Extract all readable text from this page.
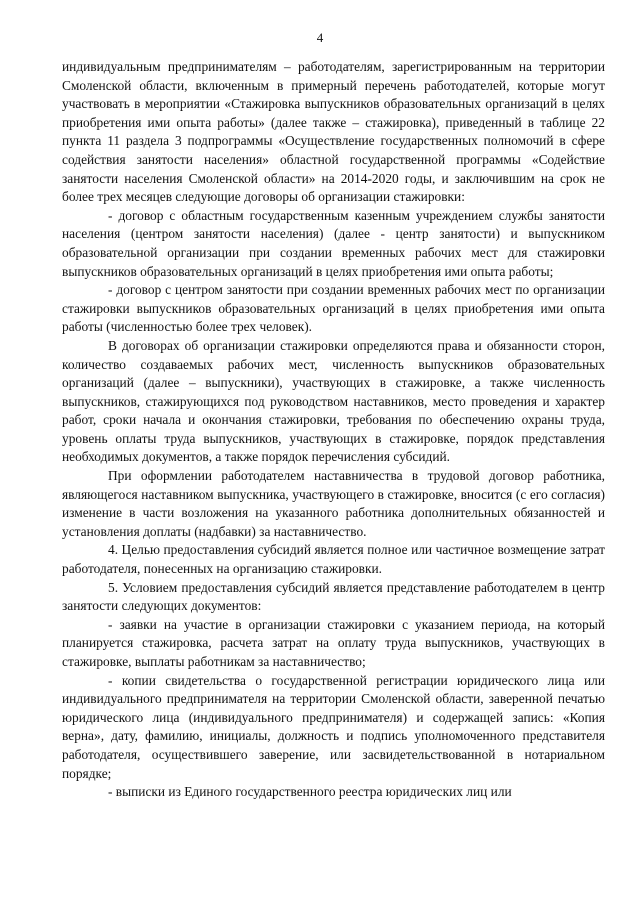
4

индивидуальным предпринимателям – работодателям, зарегистрированным на территории Смоленской области, включенным в примерный перечень работодателей, которые могут участвовать в мероприятии «Стажировка выпускников образовательных организаций в целях приобретения ими опыта работы» (далее также – стажировка), приведенный в таблице 22 пункта 11 раздела 3 подпрограммы «Осуществление государственных полномочий в сфере содействия занятости населения» областной государственной программы «Содействие занятости населения Смоленской области» на 2014-2020 годы, и заключившим на срок не более трех месяцев следующие договоры об организации стажировки:

- договор с областным государственным казенным учреждением службы занятости населения (центром занятости населения) (далее - центр занятости) и выпускником образовательной организации при создании временных рабочих мест для стажировки выпускников образовательных организаций в целях приобретения ими опыта работы;

- договор с центром занятости при создании временных рабочих мест по организации стажировки выпускников образовательных организаций в целях приобретения ими опыта работы (численностью более трех человек).

В договорах об организации стажировки определяются права и обязанности сторон, количество создаваемых рабочих мест, численность выпускников образовательных организаций (далее – выпускники), участвующих в стажировке, а также численность выпускников, стажирующихся под руководством наставников, место проведения и характер работ, сроки начала и окончания стажировки, требования по обеспечению охраны труда, уровень оплаты труда выпускников, участвующих в стажировке, порядок представления необходимых документов, а также порядок перечисления субсидий.

При оформлении работодателем наставничества в трудовой договор работника, являющегося наставником выпускника, участвующего в стажировке, вносится (с его согласия) изменение в части возложения на указанного работника дополнительных обязанностей и установления доплаты (надбавки) за наставничество.

4. Целью предоставления субсидий является полное или частичное возмещение затрат работодателя, понесенных на организацию стажировки.

5. Условием предоставления субсидий является представление работодателем в центр занятости следующих документов:

- заявки на участие в организации стажировки с указанием периода, на который планируется стажировка, расчета затрат на оплату труда выпускников, участвующих в стажировке, выплаты работникам за наставничество;

- копии свидетельства о государственной регистрации юридического лица или индивидуального предпринимателя на территории Смоленской области, заверенной печатью юридического лица (индивидуального предпринимателя) и содержащей запись: «Копия верна», дату, фамилию, инициалы, должность и подпись уполномоченного представителя работодателя, осуществившего заверение, или засвидетельствованной в нотариальном порядке;

- выписки из Единого государственного реестра юридических лиц или
